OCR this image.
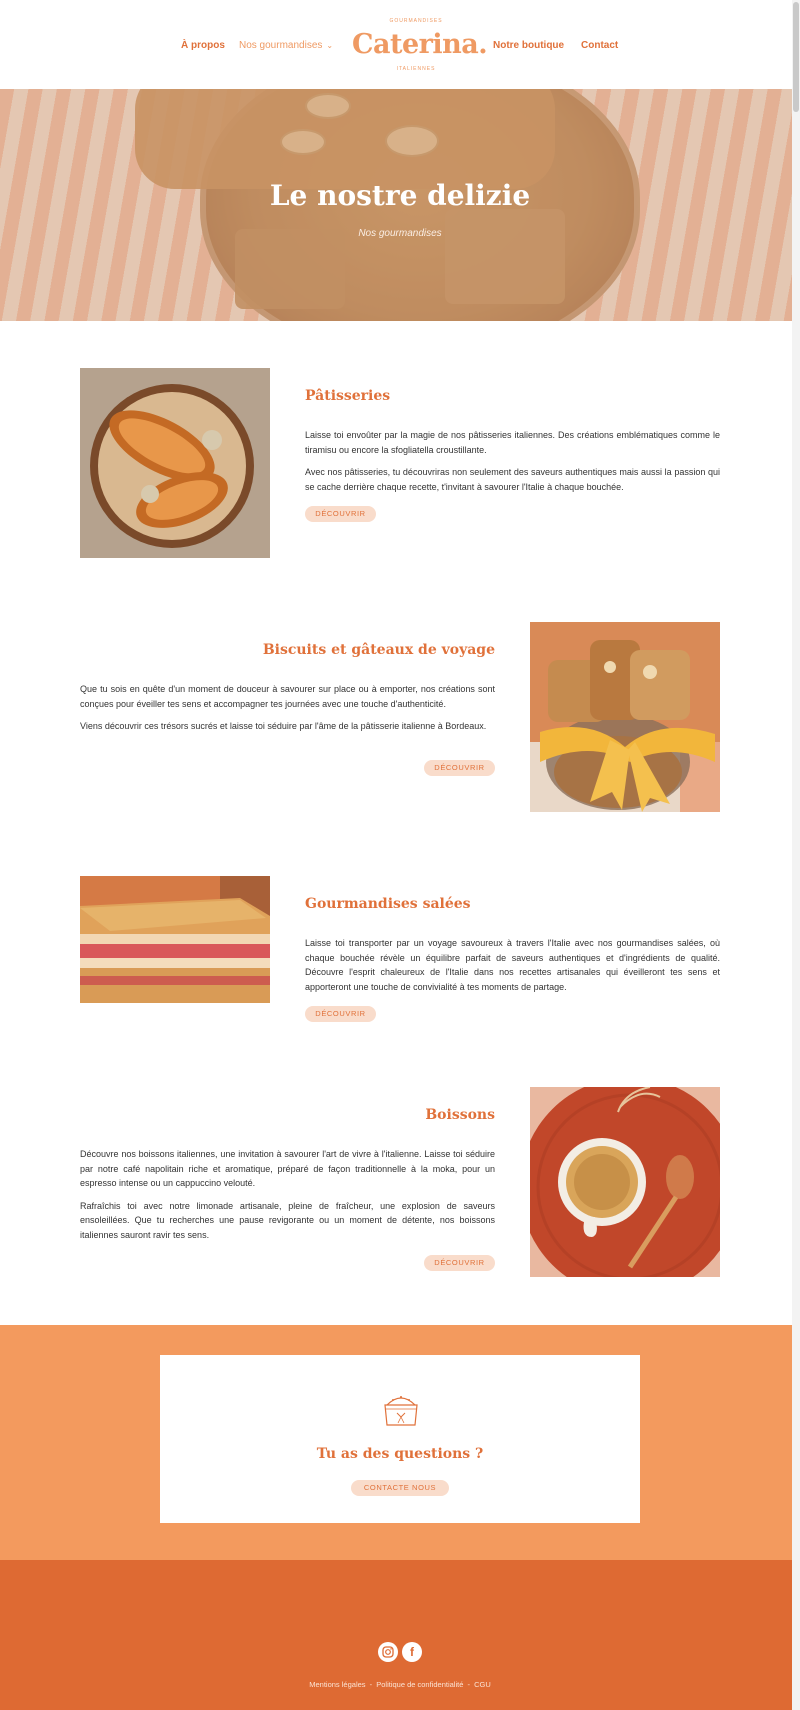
À propos Nos gourmandises ⌄
GOURMANDISES
Caterina.
ITALIENNES
Notre boutique Contact
Le nostre delizie
Nos gourmandises
Pâtisseries

Laisse toi envoûter par la magie de nos pâtisseries italiennes. Des créations emblématiques comme le tiramisu ou encore la sfogliatella croustillante.

Avec nos pâtisseries, tu découvriras non seulement des saveurs authentiques mais aussi la passion qui se cache derrière chaque recette, t'invitant à savourer l'Italie à chaque bouchée.

DÉCOUVRIR
Biscuits et gâteaux de voyage

Que tu sois en quête d'un moment de douceur à savourer sur place ou à emporter, nos créations sont conçues pour éveiller tes sens et accompagner tes journées avec une touche d'authenticité.

Viens découvrir ces trésors sucrés et laisse toi séduire par l'âme de la pâtisserie italienne à Bordeaux.

DÉCOUVRIR
Gourmandises salées

Laisse toi transporter par un voyage savoureux à travers l'Italie avec nos gourmandises salées, où chaque bouchée révèle un équilibre parfait de saveurs authentiques et d'ingrédients de qualité. Découvre l'esprit chaleureux de l'Italie dans nos recettes artisanales qui éveilleront tes sens et apporteront une touche de convivialité à tes moments de partage.

DÉCOUVRIR
Boissons

Découvre nos boissons italiennes, une invitation à savourer l'art de vivre à l'italienne. Laisse toi séduire par notre café napolitain riche et aromatique, préparé de façon traditionnelle à la moka, pour un espresso intense ou un cappuccino velouté.

Rafraîchis toi avec notre limonade artisanale, pleine de fraîcheur, une explosion de saveurs ensoleillées. Que tu recherches une pause revigorante ou un moment de détente, nos boissons italiennes sauront ravir tes sens.

DÉCOUVRIR
Tu as des questions ?
CONTACTE NOUS
f
Mentions légales - Politique de confidentialité - CGU
